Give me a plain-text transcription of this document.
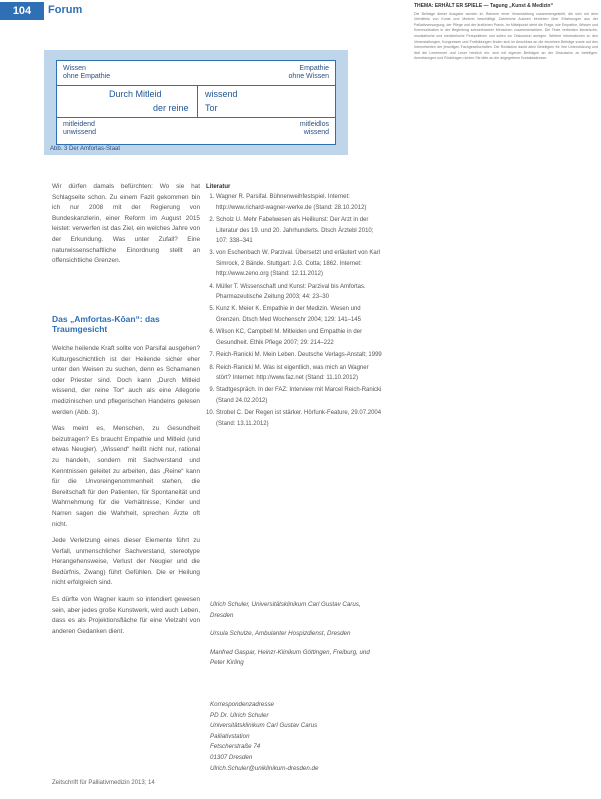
104	Forum
Wissen
ohne Empathie
Empathie
ohne Wissen
Durch Mitleid	wissend
der reine Tor
mitleidend
unwissend
mitleidlos
wissend
Abb. 3 Der Amfortas-Staat

Wir dürfen damals befürchten: Wo sie hat Schlagseite schon. Zu einem Fazit gekommen bin ich nur 2008 mit der Regierung von Bundeskanzlerin, einer Reform im August 2015 leistet: verwerfen ist das Ziel, ein welches Jahre von der Erkundung. Was unter Zufall? Eine naturwissenschaftliche Einordnung stellt an offensichtliche Grenzen.

Das „Amfortas-Kōan“: das Traumgesicht

Welche heilende Kraft sollte von Parsifal ausgehen? Kulturgeschichtlich ist der Heilende sicher eher unter den Weisen zu suchen, denn es Schamanen oder Priester sind. Doch kann „Durch Mitleid wissend, der reine Tor“ auch als eine Allegorie medizinischen und pflegerischen Handelns gelesen werden (Abb. 3).

Was meint es, Menschen, zu Gesundheit beizutragen? Es braucht Empathie und Mitleid (und etwas Neugier). „Wissend“ heißt nicht nur, rational zu handeln, sondern mit Sachverstand und Kenntnissen geleitet zu arbeiten, das „Reine“ kann für die Unvoreingenommenheit stehen, die Bereitschaft für den Patienten, für Spontaneität und Wahrnehmung für die Verhältnisse, Kinder und Narren sagen die Wahrheit, sprechen Ärzte oft nicht.

Jede Verletzung eines dieser Elemente führt zu Verfall, unmenschlicher Sachverstand, stereotype Herangehensweise, Verlust der Neugier und die Bedürfnis, Zwang) führt Gefühlen. Die er Heilung nicht erfolgreich sind.

Es dürfte von Wagner kaum so intendiert gewesen sein, aber jedes große Kunstwerk, wird auch Leben, dass es als Projektionsfläche für eine Vielzahl von anderen Gedanken dient.

Literatur
1. Wagner R. Parsifal. Bühnenweihfestspiel. Internet: http://www.richard-wagner-werke.de (Stand: 28.10.2012)
2. Scholz U. Mehr Fabelwesen als Heilkunst: Der Arzt in der Literatur des 19. und 20. Jahrhunderts. Dtsch Ärztebl 2010; 107: 338–341
3. von Eschenbach W. Parzival. Übersetzt und erläutert von Karl Simrock, 2 Bände. Stuttgart: J.G. Cotta; 1862. Internet: http://www.zeno.org (Stand: 12.11.2012)
4. Müller T. Wissenschaft und Kunst: Parzival bis Amfortas. Pharmazeutische Zeitung 2003; 44: 23–30
5. Kunz K. Meier K. Empathie in der Medizin. Wesen und Grenzen. Dtsch Med Wochenschr 2004; 129: 141–145
6. Wilson KC, Campbell M. Mitleiden und Empathie in der Gesundheit. Ethik Pflege 2007; 29: 214–222
7. Reich-Ranicki M. Mein Leben. Deutsche Verlags-Anstalt; 1999
8. Reich-Ranicki M. Was ist eigentlich, was mich an Wagner stört? Internet: http://www.faz.net (Stand: 11.10.2012)
9. Stadtgespräch. In der FAZ: Interview mit Marcel Reich-Ranicki (Stand 24.02.2012)
10. Strobel C. Der Regen ist stärker. Hörfunk-Feature, 29.07.2004 (Stand: 13.11.2012)
Ulrich Schuler, Universitätsklinikum Carl Gustav Carus, Dresden
Ursula Schulze, Ambulanter Hospizdienst, Dresden
Manfred Gaspar, Heinzr-Klinikum Göttingen, Freiburg, und Peter Kirling
Korrespondenzadresse
PD Dr. Ulrich Schuler
Universitätsklinikum Carl Gustav Carus
Palliativstation
Fetscherstraße 74
01307 Dresden
Ulrich.Schuler@uniklinikum-dresden.de
THEMA: ERHÄLT ER SPIELE — Tagung „Kunst & Medizin“
Die Beiträge dieser Ausgabe wurden im Rahmen einer Veranstaltung zusammengestellt, die sich mit dem Verhältnis von Kunst und Medizin beschäftigt. Zahlreiche Autoren berichten über Erfahrungen aus der Palliativversorgung, der Pflege und der ärztlichen Praxis. Im Mittelpunkt steht die Frage, wie Empathie, Wissen und Kommunikation in der Begleitung schwerkranker Menschen zusammenwirken. Die Texte verbinden literarische, musikalische und medizinische Perspektiven und sollen zur Diskussion anregen. Weitere Informationen zu den Veranstaltungen, Kongressen und Fortbildungen finden sich im Anschluss an die einzelnen Beiträge sowie auf den Internetseiten der jeweiligen Fachgesellschaften. Die Redaktion dankt allen Beteiligten für ihre Unterstützung und lädt die Leserinnen und Leser herzlich ein, sich mit eigenen Beiträgen an der Diskussion zu beteiligen. Anmeldungen und Rückfragen richten Sie bitte an die angegebene Kontaktadresse.
Zeitschrift für Palliativmedizin 2013; 14
